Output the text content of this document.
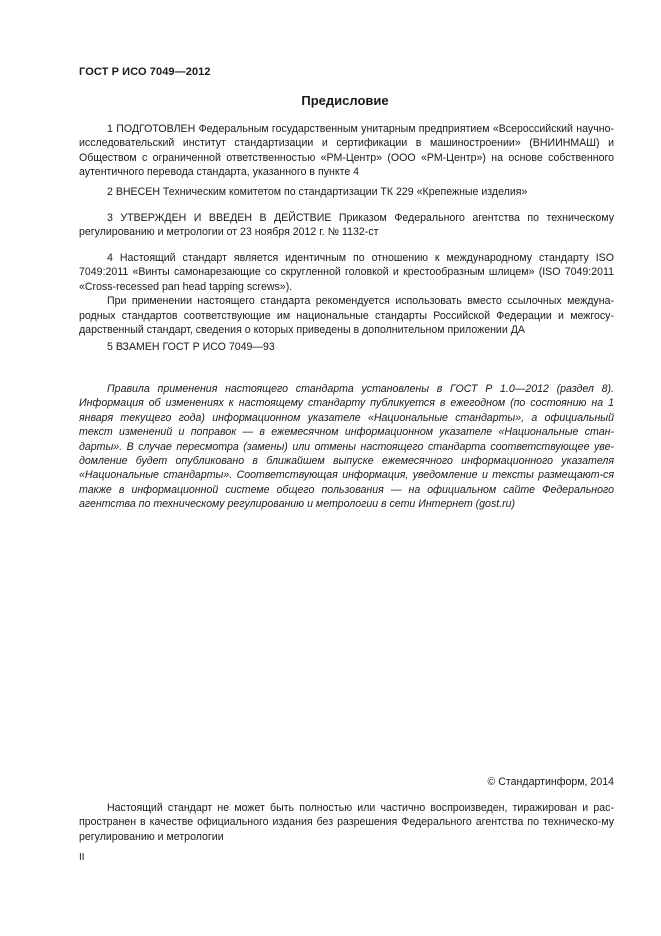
ГОСТ Р ИСО 7049—2012
Предисловие

1 ПОДГОТОВЛЕН Федеральным государственным унитарным предприятием «Всероссийский научно-исследовательский институт стандартизации и сертификации в машиностроении» (ВНИИНМАШ) и Обществом с ограниченной ответственностью «РМ-Центр» (ООО «РМ-Центр») на основе собственного аутентичного перевода стандарта, указанного в пункте 4

2 ВНЕСЕН Техническим комитетом по стандартизации ТК 229 «Крепежные изделия»

3 УТВЕРЖДЕН И ВВЕДЕН В ДЕЙСТВИЕ Приказом Федерального агентства по техническому регулированию и метрологии от 23 ноября 2012 г. № 1132-ст

4 Настоящий стандарт является идентичным по отношению к международному стандарту ISO 7049:2011 «Винты самонарезающие со скругленной головкой и крестообразным шлицем» (ISO 7049:2011 «Cross-recessed pan head tapping screws»).

При применении настоящего стандарта рекомендуется использовать вместо ссылочных междуна-родных стандартов соответствующие им национальные стандарты Российской Федерации и межгосу-дарственный стандарт, сведения о которых приведены в дополнительном приложении ДА

5 ВЗАМЕН ГОСТ Р ИСО 7049—93

Правила применения настоящего стандарта установлены в ГОСТ Р 1.0—2012 (раздел 8). Информация об изменениях к настоящему стандарту публикуется в ежегодном (по состоянию на 1 января текущего года) информационном указателе «Национальные стандарты», а официальный текст изменений и поправок — в ежемесячном информационном указателе «Национальные стан-дарты». В случае пересмотра (замены) или отмены настоящего стандарта соответствующее уве-домление будет опубликовано в ближайшем выпуске ежемесячного информационного указателя «Национальные стандарты». Соответствующая информация, уведомление и тексты размещают-ся также в информационной системе общего пользования — на официальном сайте Федерального агентства по техническому регулированию и метрологии в сети Интернет (gost.ru)

© Стандартинформ, 2014

Настоящий стандарт не может быть полностью или частично воспроизведен, тиражирован и рас-пространен в качестве официального издания без разрешения Федерального агентства по техническо-му регулированию и метрологии

II
